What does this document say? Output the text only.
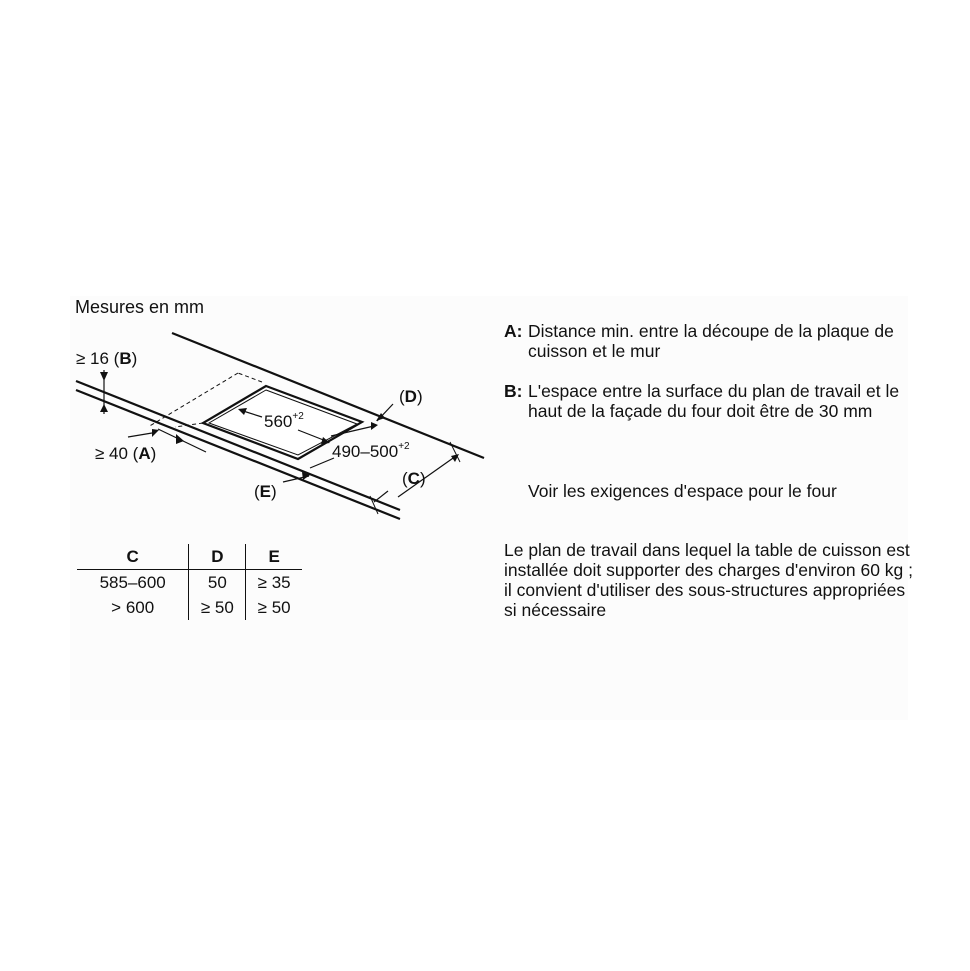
≥ 16 (B)
≥ 40 (A)
(E)
(D)
(C)
$560^{+2}$
$490-500^{+2}$
Mesures en mm
C	D	E
585–600	50	≥ 35
> 600	≥ 50	≥ 50
A: Distance min. entre la découpe de la plaque de cuisson et le mur
B: L'espace entre la surface du plan de travail et le haut de la façade du four doit être de 30 mm
Voir les exigences d'espace pour le four
Le plan de travail dans lequel la table de cuisson est installée doit supporter des charges d'environ 60 kg ; il convient d'utiliser des sous-structures appropriées si nécessaire
